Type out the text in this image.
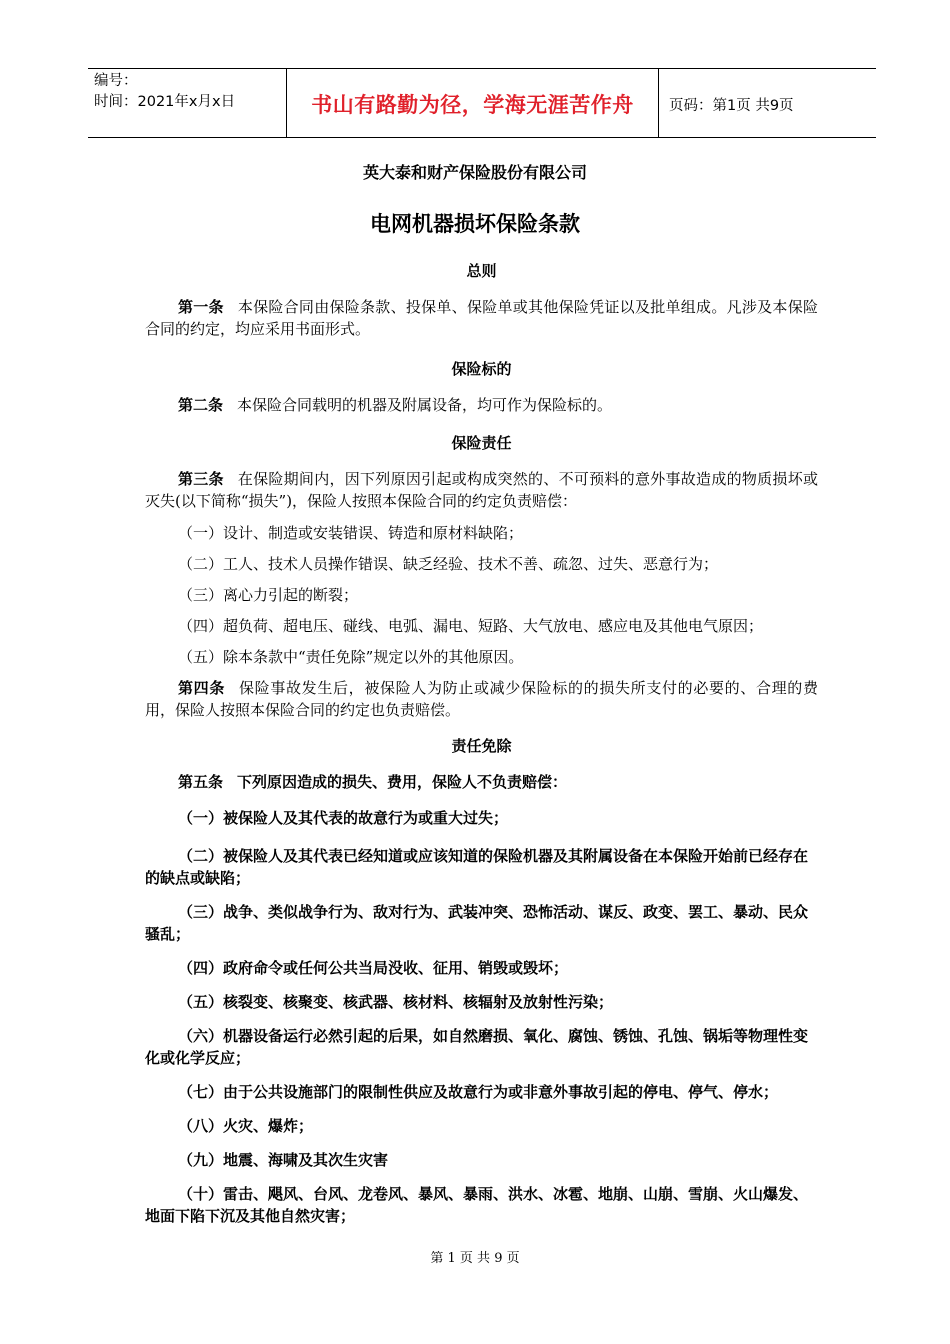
编号：
时间：2021年x月x日	书山有路勤为径，学海无涯苦作舟	页码：第1页 共9页
英大泰和财产保险股份有限公司
电网机器损坏保险条款
总则
第一条 本保险合同由保险条款、投保单、保险单或其他保险凭证以及批单组成。凡涉及本保险合同的约定，均应采用书面形式。
保险标的
第二条 本保险合同载明的机器及附属设备，均可作为保险标的。
保险责任
第三条 在保险期间内，因下列原因引起或构成突然的、不可预料的意外事故造成的物质损坏或灭失(以下简称“损失”)，保险人按照本保险合同的约定负责赔偿：
（一）设计、制造或安装错误、铸造和原材料缺陷；
（二）工人、技术人员操作错误、缺乏经验、技术不善、疏忽、过失、恶意行为；
（三）离心力引起的断裂；
（四）超负荷、超电压、碰线、电弧、漏电、短路、大气放电、感应电及其他电气原因；
（五）除本条款中“责任免除”规定以外的其他原因。
第四条 保险事故发生后，被保险人为防止或减少保险标的的损失所支付的必要的、合理的费用，保险人按照本保险合同的约定也负责赔偿。
责任免除
第五条 下列原因造成的损失、费用，保险人不负责赔偿：
（一）被保险人及其代表的故意行为或重大过失；
（二）被保险人及其代表已经知道或应该知道的保险机器及其附属设备在本保险开始前已经存在的缺点或缺陷；
（三）战争、类似战争行为、敌对行为、武装冲突、恐怖活动、谋反、政变、罢工、暴动、民众骚乱；
（四）政府命令或任何公共当局没收、征用、销毁或毁坏；
（五）核裂变、核聚变、核武器、核材料、核辐射及放射性污染；
（六）机器设备运行必然引起的后果，如自然磨损、氧化、腐蚀、锈蚀、孔蚀、锅垢等物理性变化或化学反应；
（七）由于公共设施部门的限制性供应及故意行为或非意外事故引起的停电、停气、停水；
（八）火灾、爆炸；
（九）地震、海啸及其次生灾害
（十）雷击、飓风、台风、龙卷风、暴风、暴雨、洪水、冰雹、地崩、山崩、雪崩、火山爆发、地面下陷下沉及其他自然灾害；
第 1 页 共 9 页
